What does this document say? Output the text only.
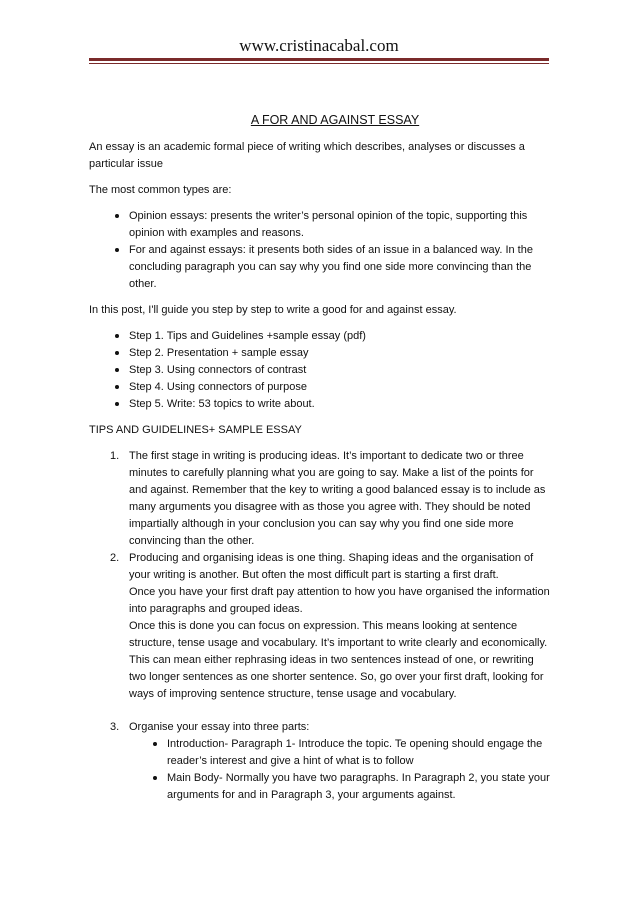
www.cristinacabal.com
A FOR AND AGAINST ESSAY

An essay is an academic formal piece of writing which describes, analyses or discusses a particular issue

The most common types are:

Opinion essays: presents the writer’s personal opinion of the topic, supporting this opinion with examples and reasons.
For and against essays: it presents both sides of an issue in a balanced way. In the concluding paragraph you can say why you find one side more convincing than the other.

In this post, I'll guide you step by step to write a good for and against essay.

Step 1. Tips and Guidelines +sample essay (pdf)
Step 2. Presentation + sample essay
Step 3. Using connectors of contrast
Step 4. Using connectors of purpose
Step 5. Write: 53 topics to write about.

TIPS AND GUIDELINES+ SAMPLE ESSAY

1. The first stage in writing is producing ideas. It’s important to dedicate two or three minutes to carefully planning what you are going to say. Make a list of the points for and against. Remember that the key to writing a good balanced essay is to include as many arguments you disagree with as those you agree with. They should be noted impartially although in your conclusion you can say why you find one side more convincing than the other.
2. Producing and organising ideas is one thing. Shaping ideas and the organisation of your writing is another. But often the most difficult part is starting a first draft.
Once you have your first draft pay attention to how you have organised the information into paragraphs and grouped ideas.
Once this is done you can focus on expression. This means looking at sentence structure, tense usage and vocabulary. It’s important to write clearly and economically. This can mean either rephrasing ideas in two sentences instead of one, or rewriting two longer sentences as one shorter sentence. So, go over your first draft, looking for ways of improving sentence structure, tense usage and vocabulary.
3. Organise your essay into three parts:
Introduction- Paragraph 1- Introduce the topic. Te opening should engage the reader’s interest and give a hint of what is to follow
Main Body- Normally you have two paragraphs. In Paragraph 2, you state your arguments for and in Paragraph 3, your arguments against.
